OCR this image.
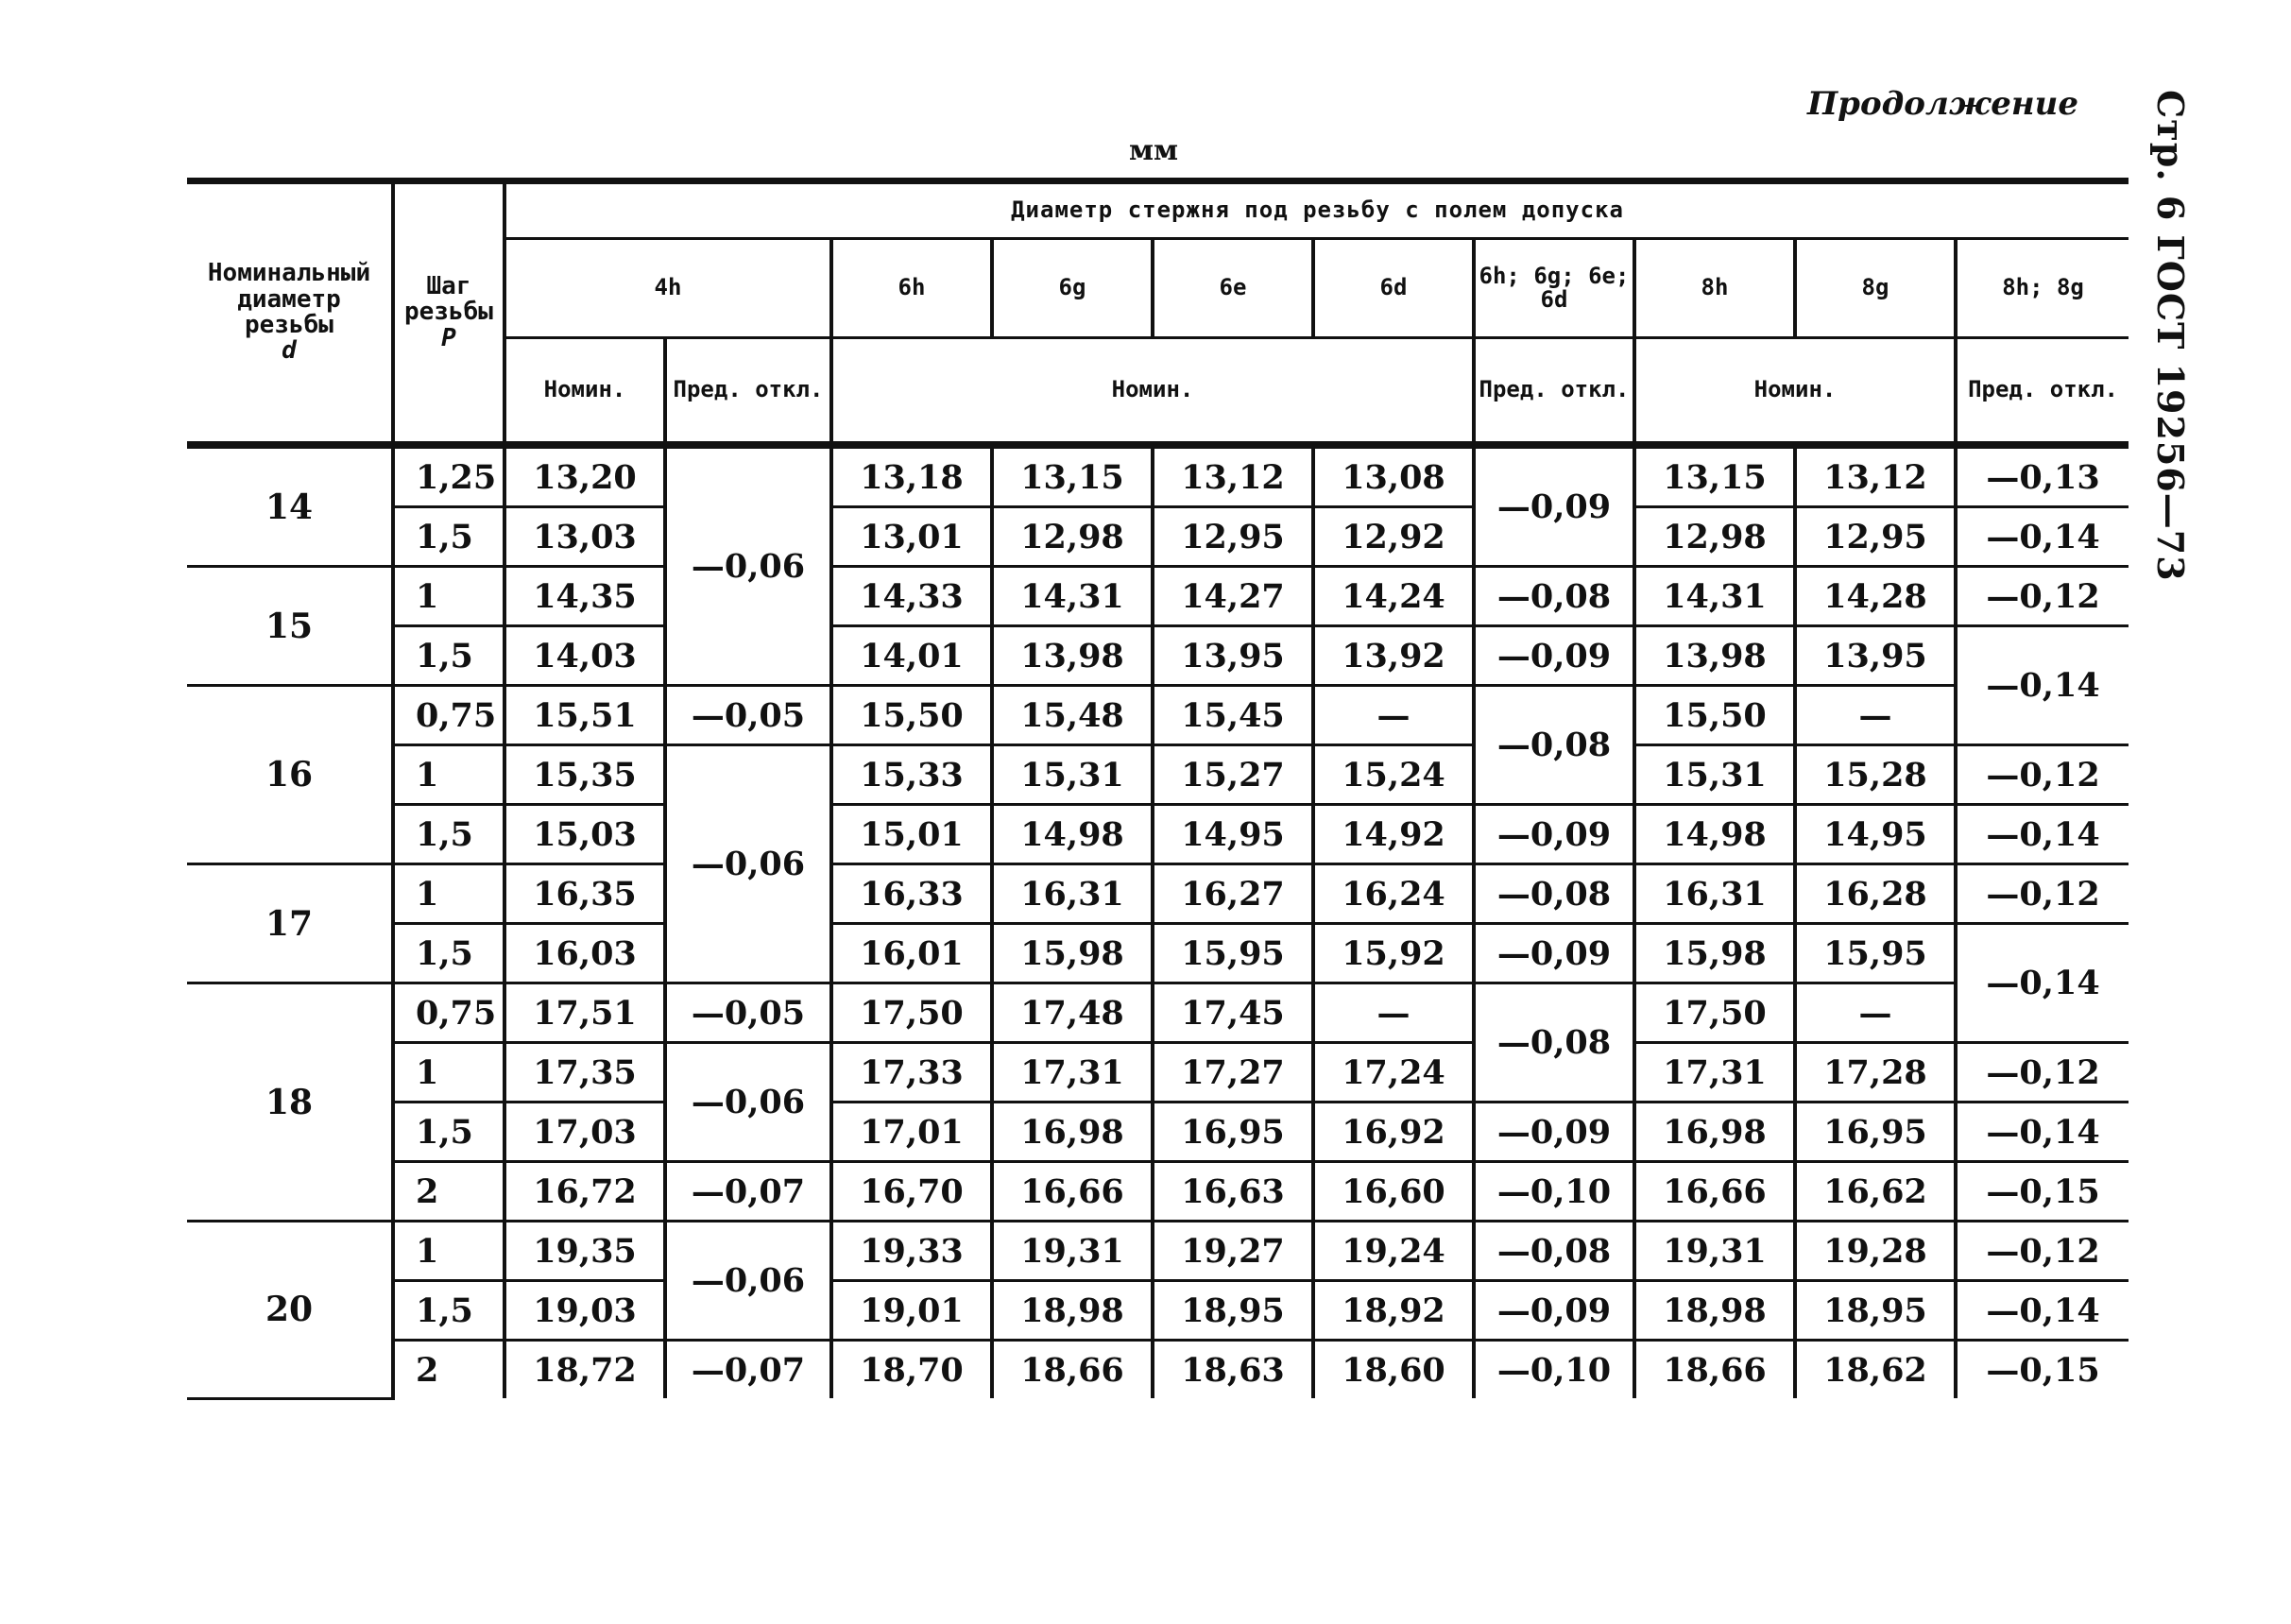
Продолжение
мм	Стр. 6 ГОСТ 19256—73
Номинальный диаметр резьбы
d	Шаг резьбы
P	Диаметр стержня под резьбу с полем допуска									
		4h		6h	6g	6e	6d	6h; 6g; 6e; 6d	8h	8g	8h; 8g
		Номин.	Пред. откл.	Номин.				Пред. откл.	Номин.		Пред. откл.
14	1,25	13,20	—0,06	13,18	13,15	13,12	13,08	—0,09	13,15	13,12	—0,13
	1,5	13,03		13,01	12,98	12,95	12,92		12,98	12,95	—0,14
15	1	14,35		14,33	14,31	14,27	14,24	—0,08	14,31	14,28	—0,12
	1,5	14,03		14,01	13,98	13,95	13,92	—0,09	13,98	13,95	—0,14
16	0,75	15,51	—0,05	15,50	15,48	15,45	—	—0,08	15,50	—	
	1	15,35	—0,06	15,33	15,31	15,27	15,24		15,31	15,28	—0,12
	1,5	15,03		15,01	14,98	14,95	14,92	—0,09	14,98	14,95	—0,14
17	1	16,35		16,33	16,31	16,27	16,24	—0,08	16,31	16,28	—0,12
	1,5	16,03		16,01	15,98	15,95	15,92	—0,09	15,98	15,95	—0,14
18	0,75	17,51	—0,05	17,50	17,48	17,45	—	—0,08	17,50	—	
	1	17,35	—0,06	17,33	17,31	17,27	17,24		17,31	17,28	—0,12
	1,5	17,03		17,01	16,98	16,95	16,92	—0,09	16,98	16,95	—0,14
	2	16,72	—0,07	16,70	16,66	16,63	16,60	—0,10	16,66	16,62	—0,15
20	1	19,35	—0,06	19,33	19,31	19,27	19,24	—0,08	19,31	19,28	—0,12
	1,5	19,03		19,01	18,98	18,95	18,92	—0,09	18,98	18,95	—0,14
	2	18,72	—0,07	18,70	18,66	18,63	18,60	—0,10	18,66	18,62	—0,15
